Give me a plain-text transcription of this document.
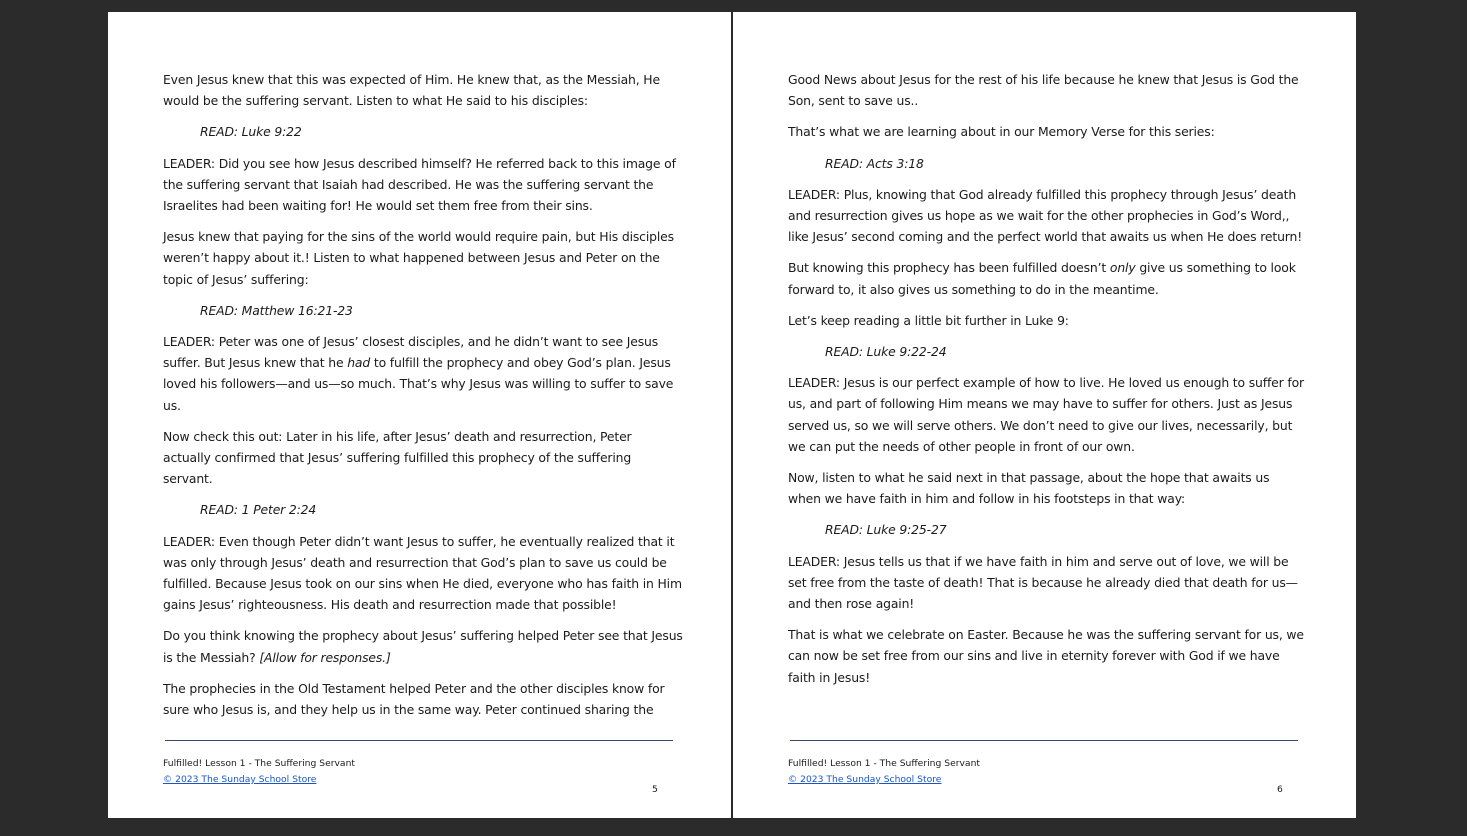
Even Jesus knew that this was expected of Him. He knew that, as the Messiah, He would be the suffering servant. Listen to what He said to his disciples:

READ: Luke 9:22

LEADER: Did you see how Jesus described himself? He referred back to this image of the suffering servant that Isaiah had described. He was the suffering servant the Israelites had been waiting for! He would set them free from their sins.

Jesus knew that paying for the sins of the world would require pain, but His disciples weren’t happy about it.! Listen to what happened between Jesus and Peter on the topic of Jesus’ suffering:

READ: Matthew 16:21-23

LEADER: Peter was one of Jesus’ closest disciples, and he didn’t want to see Jesus suffer. But Jesus knew that he had to fulfill the prophecy and obey God’s plan. Jesus loved his followers—and us—so much. That’s why Jesus was willing to suffer to save us.

Now check this out: Later in his life, after Jesus’ death and resurrection, Peter actually confirmed that Jesus’ suffering fulfilled this prophecy of the suffering servant.

READ: 1 Peter 2:24

LEADER: Even though Peter didn’t want Jesus to suffer, he eventually realized that it was only through Jesus’ death and resurrection that God’s plan to save us could be fulfilled. Because Jesus took on our sins when He died, everyone who has faith in Him gains Jesus’ righteousness. His death and resurrection made that possible!

Do you think knowing the prophecy about Jesus’ suffering helped Peter see that Jesus is the Messiah? [Allow for responses.]

The prophecies in the Old Testament helped Peter and the other disciples know for sure who Jesus is, and they help us in the same way. Peter continued sharing the

Fulfilled! Lesson 1 - The Suffering Servant
© 2023 The Sunday School Store
5

Good News about Jesus for the rest of his life because he knew that Jesus is God the Son, sent to save us..

That’s what we are learning about in our Memory Verse for this series:

READ: Acts 3:18

LEADER: Plus, knowing that God already fulfilled this prophecy through Jesus’ death and resurrection gives us hope as we wait for the other prophecies in God’s Word,, like Jesus’ second coming and the perfect world that awaits us when He does return!

But knowing this prophecy has been fulfilled doesn’t only give us something to look forward to, it also gives us something to do in the meantime.

Let’s keep reading a little bit further in Luke 9:

READ: Luke 9:22-24

LEADER: Jesus is our perfect example of how to live. He loved us enough to suffer for us, and part of following Him means we may have to suffer for others. Just as Jesus served us, so we will serve others. We don’t need to give our lives, necessarily, but we can put the needs of other people in front of our own.

Now, listen to what he said next in that passage, about the hope that awaits us when we have faith in him and follow in his footsteps in that way:

READ: Luke 9:25-27

LEADER: Jesus tells us that if we have faith in him and serve out of love, we will be set free from the taste of death! That is because he already died that death for us—and then rose again!

That is what we celebrate on Easter. Because he was the suffering servant for us, we can now be set free from our sins and live in eternity forever with God if we have faith in Jesus!

Fulfilled! Lesson 1 - The Suffering Servant
© 2023 The Sunday School Store
6
